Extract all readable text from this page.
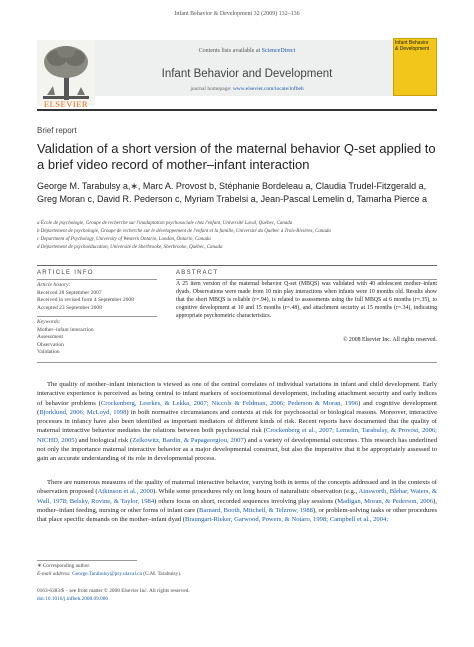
Infant Behavior & Development 32 (2009) 132–136
ELSEVIER
Contents lists available at ScienceDirect
Infant Behavior and Development
journal homepage: www.elsevier.com/locate/infbeh
Infant Behavior & Development
Brief report
Validation of a short version of the maternal behavior Q-set applied to a brief video record of mother–infant interaction
George M. Tarabulsy a,∗, Marc A. Provost b, Stéphanie Bordeleau a, Claudia Trudel-Fitzgerald a, Greg Moran c, David R. Pederson c, Myriam Trabelsi a, Jean-Pascal Lemelin d, Tamarha Pierce a
a École de psychologie, Groupe de recherche sur l'inadaptation psychosociale chez l'enfant, Université Laval, Québec, Canada
b Département de psychologie, Groupe de recherche sur le développement de l'enfant et la famille, Université du Québec à Trois-Rivières, Canada
c Department of Psychology, University of Western Ontario, London, Ontario, Canada
d Département de psychoéducation, Université de Sherbrooke, Sherbrooke, Québec, Canada
ARTICLE INFO
Article history:
Received 28 September 2007
Received in revised form 4 September 2008
Accepted 23 September 2008
Keywords:
Mother–infant interaction
Assessment
Observation
Validation
ABSTRACT
A 25 item version of the maternal behavior Q-set (MBQS) was validated with 40 adolescent mother–infant dyads. Observations were made from 10 min play interactions when infants were 10 months old. Results show that the short MBQS is reliable (r=.94), is related to assessments using the full MBQS at 6 months (r=.35), to cognitive development at 10 and 15 months (r=.48), and attachment security at 15 months (r=.34), indicating appropriate psychometric characteristics.
© 2008 Elsevier Inc. All rights reserved.
The quality of mother–infant interaction is viewed as one of the central correlates of individual variations in infant and child development. Early interactive experience is perceived as being central to infant markers of socioemotional development, including attachment security and early indices of behavior problems (Crockenberg, Leerkes, & Lekka, 2007; Niccols & Feldman, 2006; Pederson & Moran, 1996) and cognitive development (Bjorklund, 2006; McLoyd, 1998) in both normative circumstances and contexts at risk for psychosocial or biological reasons. Moreover, interactive processes in infancy have also been identified as important mediators of different kinds of risk. Recent reports have documented that the quality of maternal interactive behavior mediates the relations between both psychosocial risk (Crockenberg et al., 2007; Lemelin, Tarabulsy, & Provost, 2006; NICHD, 2005) and biological risk (Zelkowitz, Bardin, & Papageorgiou, 2007) and a variety of developmental outcomes. This research has underlined not only the importance maternal interactive behavior as a major developmental construct, but also the imperative that it be appropriately assessed to gain an accurate understanding of its role in developmental process.
There are numerous measures of the quality of maternal interactive behavior, varying both in terms of the concepts addressed and in the contexts of observation proposed (Atkinson et al., 2000). While some procedures rely on long hours of naturalistic observation (e.g., Ainsworth, Blehar, Waters, & Wall, 1978; Belsky, Rovine, & Taylor, 1984) others focus on short, recorded sequences involving play sessions (Madigan, Moran, & Pederson, 2006), mother–infant feeding, nursing or other forms of infant care (Barnard, Booth, Mitchell, & Telzrow, 1988), or problem-solving tasks or other procedures that place specific demands on the mother–infant dyad (Braungart-Rieker, Garwood, Powers, & Notaro, 1998; Campbell et al., 2004;
∗ Corresponding author.
E-mail address: George.Tarabulsy@psy.ulaval.ca (G.M. Tarabulsy).
0163-6383/$ – see front matter © 2008 Elsevier Inc. All rights reserved.
doi:10.1016/j.infbeh.2008.09.006
